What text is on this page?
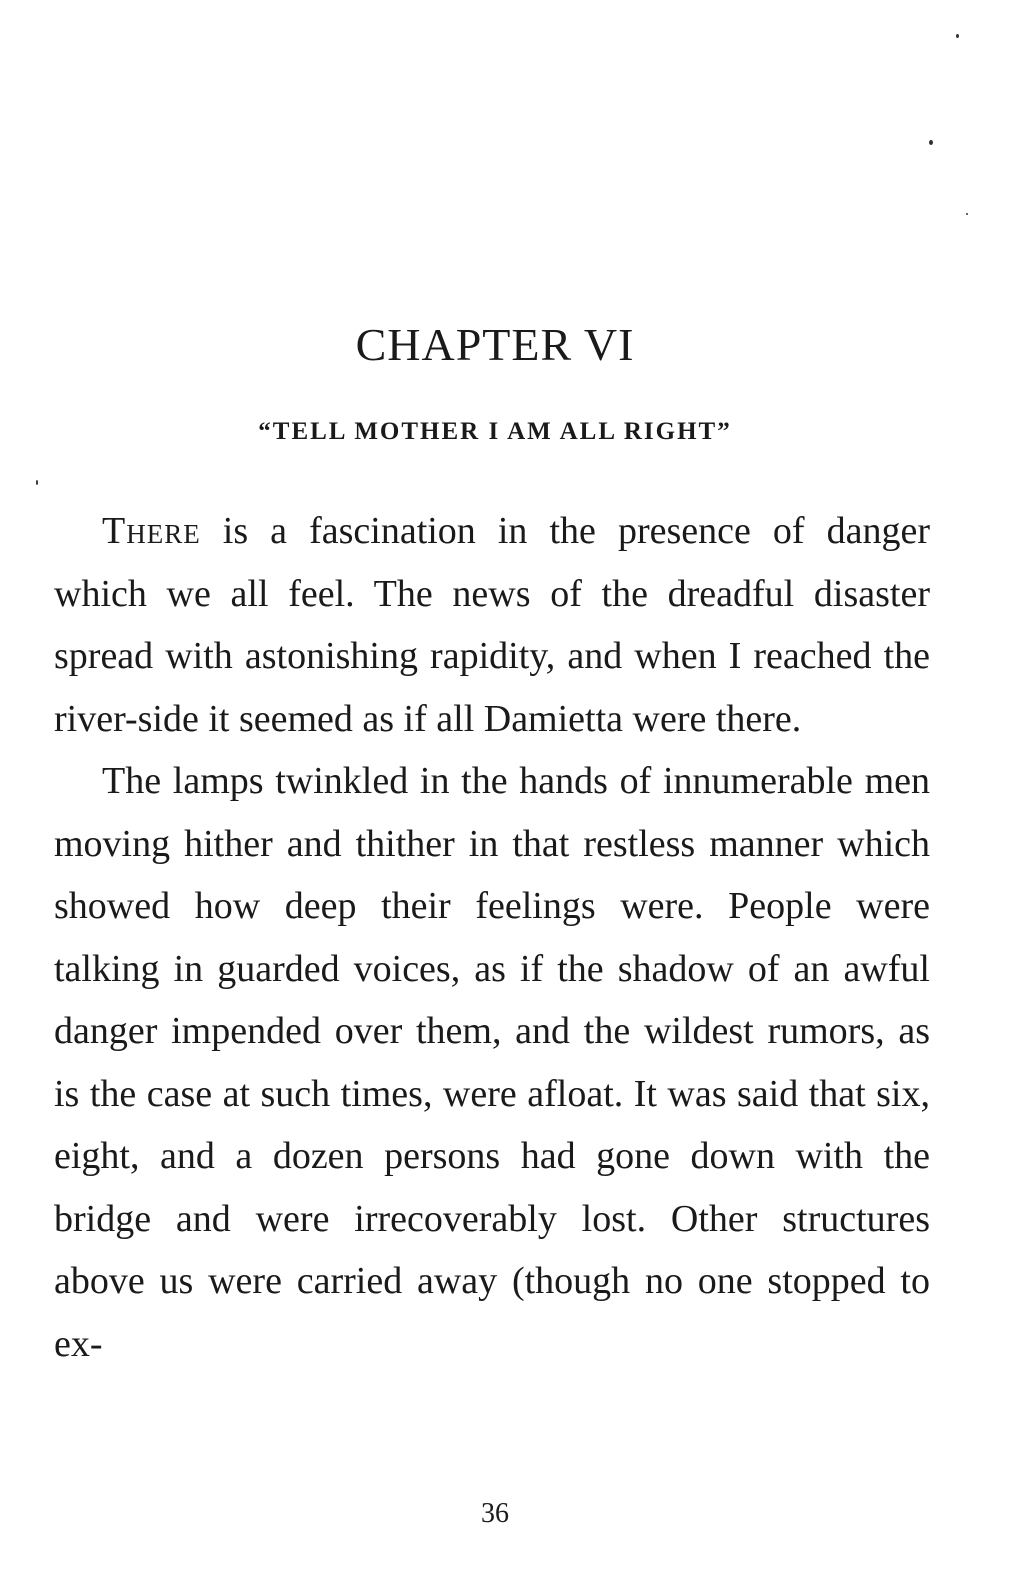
CHAPTER VI
“TELL MOTHER I AM ALL RIGHT”

There is a fascination in the presence of danger which we all feel. The news of the dreadful disaster spread with astonishing rapidity, and when I reached the river-side it seemed as if all Damietta were there.

The lamps twinkled in the hands of innumerable men moving hither and thither in that restless manner which showed how deep their feelings were. People were talking in guarded voices, as if the shadow of an awful danger impended over them, and the wildest rumors, as is the case at such times, were afloat. It was said that six, eight, and a dozen persons had gone down with the bridge and were irrecoverably lost. Other structures above us were carried away (though no one stopped to ex-

36
